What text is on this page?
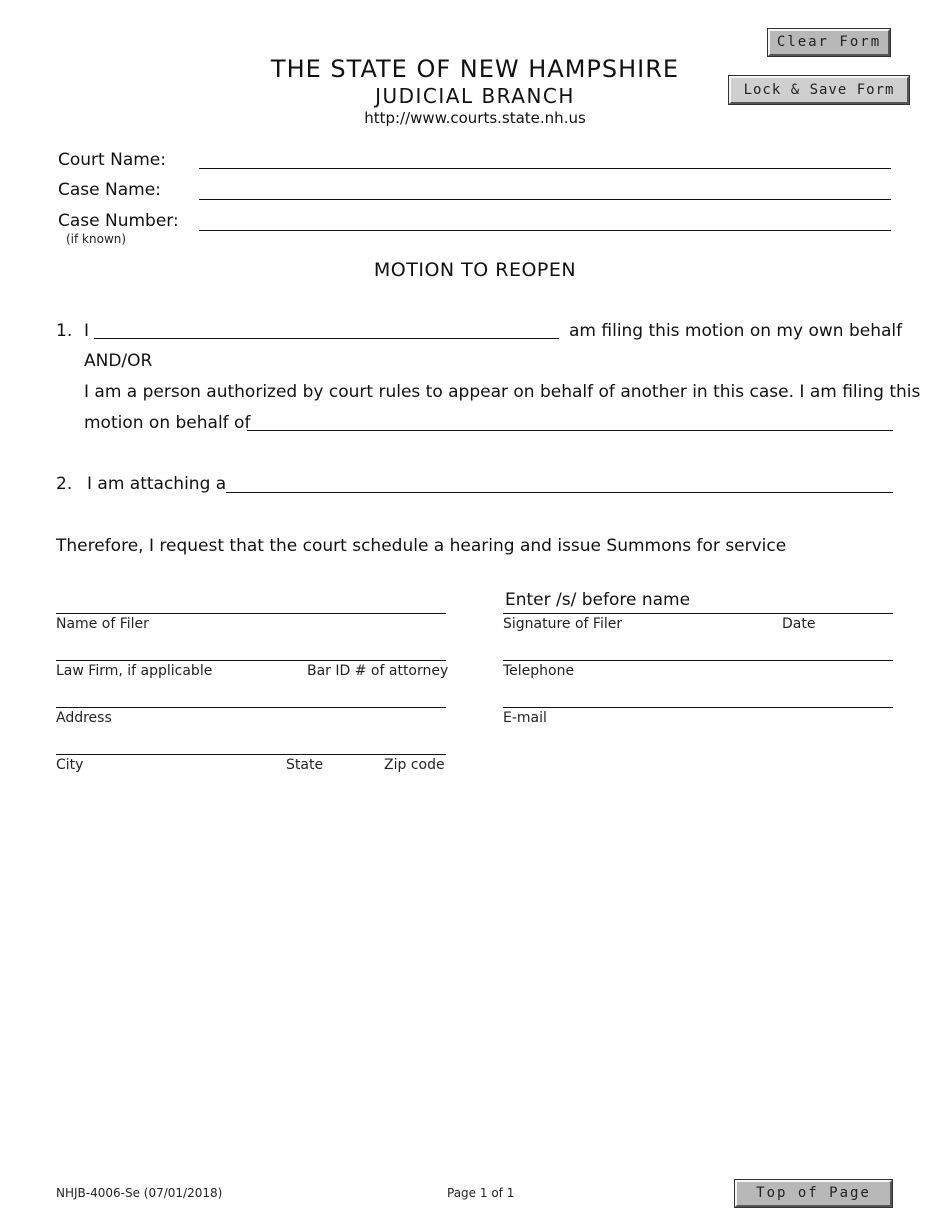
Clear Form
Lock & Save Form
THE STATE OF NEW HAMPSHIRE
JUDICIAL BRANCH
http://www.courts.state.nh.us
Court Name:
Case Name:
Case Number:
(if known)
MOTION TO REOPEN
1. I	am filing this motion on my own behalf
AND/OR
I am a person authorized by court rules to appear on behalf of another in this case. I am filing this
motion on behalf of
2. I am attaching a
Therefore, I request that the court schedule a hearing and issue Summons for service
Name of Filer
Law Firm, if applicable	Bar ID # of attorney
Address
City	State	Zip code
Enter /s/ before name
Signature of Filer	Date
Telephone
E-mail
NHJB-4006-Se (07/01/2018)	Page 1 of 1	Top of Page
